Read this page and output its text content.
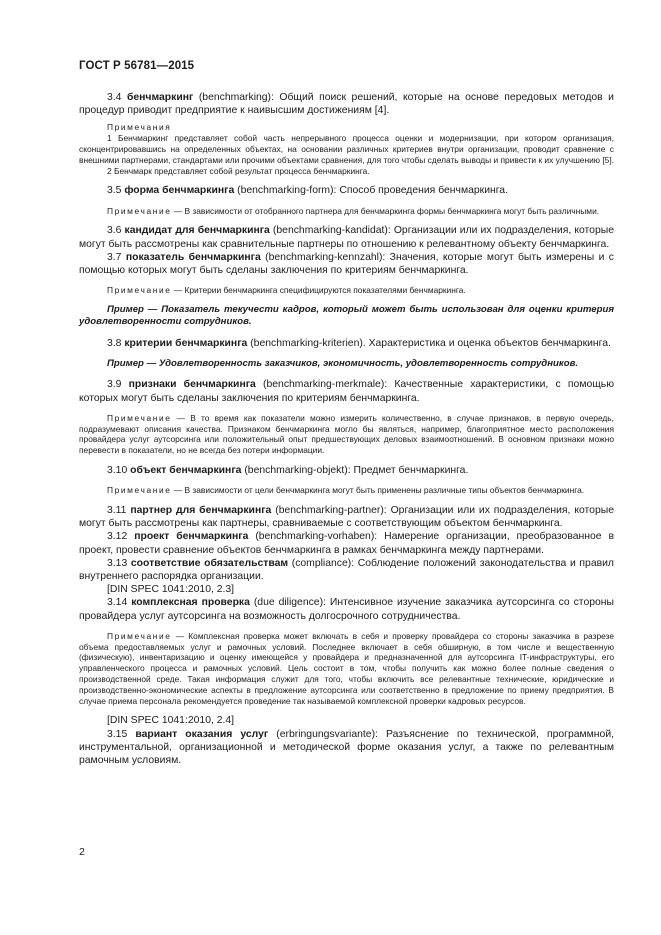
ГОСТ Р 56781—2015

3.4 бенчмаркинг (benchmarking): Общий поиск решений, которые на основе передовых методов и процедур приводит предприятие к наивысшим достижениям [4].

Примечания

1 Бенчмаркинг представляет собой часть непрерывного процесса оценки и модернизации, при котором организация, сконцентрировавшись на определенных объектах, на основании различных критериев внутри организации, проводит сравнение с внешними партнерами, стандартами или прочими объектами сравнения, для того чтобы сделать выводы и привести к их улучшению [5].

2 Бенчмарк представляет собой результат процесса бенчмаркинга.

3.5 форма бенчмаркинга (benchmarking-form): Способ проведения бенчмаркинга.

Примечание — В зависимости от отобранного партнера для бенчмаркинга формы бенчмаркинга могут быть различными.

3.6 кандидат для бенчмаркинга (benchmarking-kandidat): Организации или их подразделения, которые могут быть рассмотрены как сравнительные партнеры по отношению к релевантному объекту бенчмаркинга.

3.7 показатель бенчмаркинга (benchmarking-kennzahl): Значения, которые могут быть измерены и с помощью которых могут быть сделаны заключения по критериям бенчмаркинга.

Примечание — Критерии бенчмаркинга специфицируются показателями бенчмаркинга.

Пример — Показатель текучести кадров, который может быть использован для оценки критерия удовлетворенности сотрудников.

3.8 критерии бенчмаркинга (benchmarking-kriterien). Характеристика и оценка объектов бенчмаркинга.

Пример — Удовлетворенность заказчиков, экономичность, удовлетворенность сотрудников.

3.9 признаки бенчмаркинга (benchmarking-merkmale): Качественные характеристики, с помощью которых могут быть сделаны заключения по критериям бенчмаркинга.

Примечание — В то время как показатели можно измерить количественно, в случае признаков, в первую очередь, подразумевают описания качества. Признаком бенчмаркинга могло бы являться, например, благоприятное место расположения провайдера услуг аутсорсинга или положительный опыт предшествующих деловых взаимоотношений. В основном признаки можно перевести в показатели, но не всегда без потери информации.

3.10 объект бенчмаркинга (benchmarking-objekt): Предмет бенчмаркинга.

Примечание — В зависимости от цели бенчмаркинга могут быть применены различные типы объектов бенчмаркинга.

3.11 партнер для бенчмаркинга (benchmarking-partner): Организации или их подразделения, которые могут быть рассмотрены как партнеры, сравниваемые с соответствующим объектом бенчмаркинга.

3.12 проект бенчмаркинга (benchmarking-vorhaben): Намерение организации, преобразованное в проект, провести сравнение объектов бенчмаркинга в рамках бенчмаркинга между партнерами.

3.13 соответствие обязательствам (compliance): Соблюдение положений законодательства и правил внутреннего распорядка организации.

[DIN SPEC 1041:2010, 2.3]

3.14 комплексная проверка (due diligence): Интенсивное изучение заказчика аутсорсинга со стороны провайдера услуг аутсорсинга на возможность долгосрочного сотрудничества.

Примечание — Комплексная проверка может включать в себя и проверку провайдера со стороны заказчика в разрезе объема предоставляемых услуг и рамочных условий. Последнее включает в себя обширную, в том числе и вещественную (физическую), инвентаризацию и оценку имеющейся у провайдера и предназначенной для аутсорсинга IT-инфраструктуры, его управленческого процесса и рамочных условий. Цель состоит в том, чтобы получить как можно более полные сведения о производственной среде. Такая информация служит для того, чтобы включить все релевантные технические, юридические и производственно-экономические аспекты в предложение аутсорсинга или соответственно в предложение по приему предприятия. В случае приема персонала рекомендуется проведение так называемой комплексной проверки кадровых ресурсов.

[DIN SPEC 1041:2010, 2.4]

3.15 вариант оказания услуг (erbringungsvariante): Разъяснение по технической, программной, инструментальной, организационной и методической форме оказания услуг, а также по релевантным рамочным условиям.

2
